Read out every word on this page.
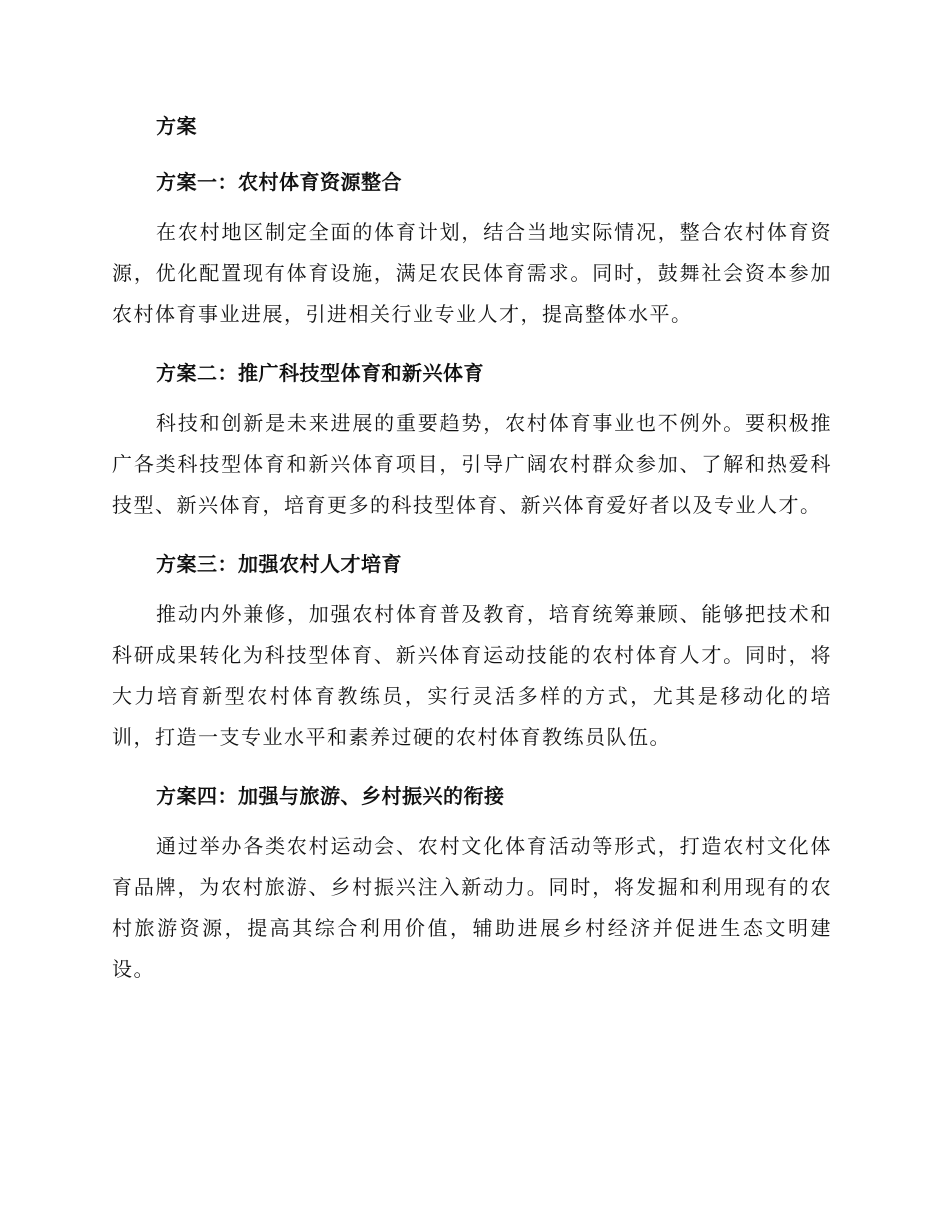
方案
方案一：农村体育资源整合

在农村地区制定全面的体育计划，结合当地实际情况，整合农村体育资源，优化配置现有体育设施，满足农民体育需求。同时，鼓舞社会资本参加农村体育事业进展，引进相关行业专业人才，提高整体水平。

方案二：推广科技型体育和新兴体育

科技和创新是未来进展的重要趋势，农村体育事业也不例外。要积极推广各类科技型体育和新兴体育项目，引导广阔农村群众参加、了解和热爱科技型、新兴体育，培育更多的科技型体育、新兴体育爱好者以及专业人才。

方案三：加强农村人才培育

推动内外兼修，加强农村体育普及教育，培育统筹兼顾、能够把技术和科研成果转化为科技型体育、新兴体育运动技能的农村体育人才。同时，将大力培育新型农村体育教练员，实行灵活多样的方式，尤其是移动化的培训，打造一支专业水平和素养过硬的农村体育教练员队伍。

方案四：加强与旅游、乡村振兴的衔接

通过举办各类农村运动会、农村文化体育活动等形式，打造农村文化体育品牌，为农村旅游、乡村振兴注入新动力。同时，将发掘和利用现有的农村旅游资源，提高其综合利用价值，辅助进展乡村经济并促进生态文明建设。
